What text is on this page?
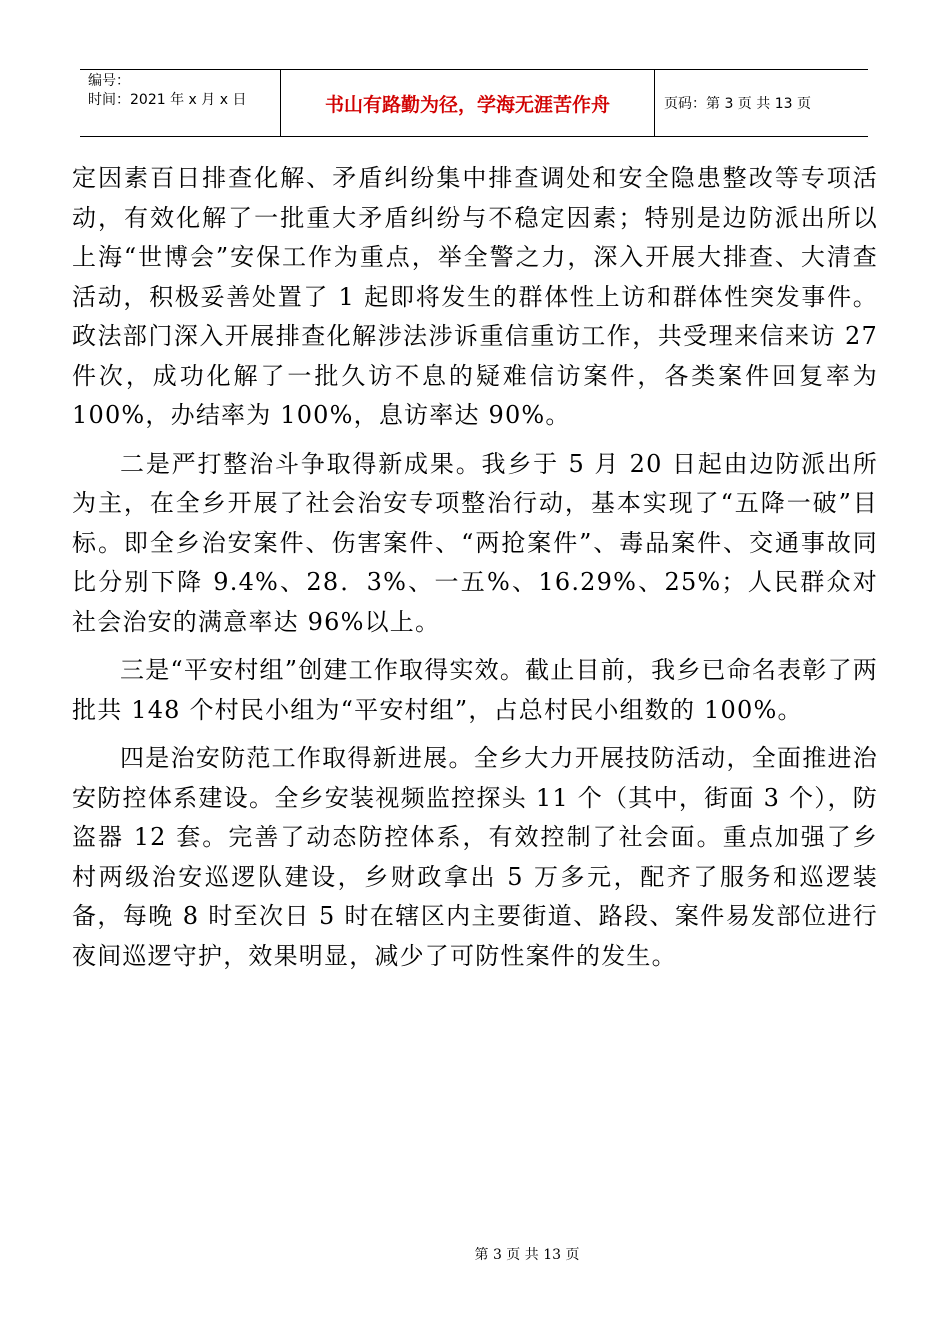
编号：
时间：2021 年 x 月 x 日	书山有路勤为径，学海无涯苦作舟	页码：第 3 页 共 13 页

定因素百日排查化解、矛盾纠纷集中排查调处和安全隐患整改等专项活动，有效化解了一批重大矛盾纠纷与不稳定因素；特别是边防派出所以上海“世博会”安保工作为重点，举全警之力，深入开展大排查、大清查活动，积极妥善处置了 1 起即将发生的群体性上访和群体性突发事件。政法部门深入开展排查化解涉法涉诉重信重访工作，共受理来信来访 27 件次，成功化解了一批久访不息的疑难信访案件，各类案件回复率为 100%，办结率为 100%，息访率达 90%。

二是严打整治斗争取得新成果。我乡于 5 月 20 日起由边防派出所为主，在全乡开展了社会治安专项整治行动，基本实现了“五降一破”目标。即全乡治安案件、伤害案件、“两抢案件”、毒品案件、交通事故同比分别下降 9.4%、28．3%、一五%、16.29%、25%；人民群众对社会治安的满意率达 96%以上。

三是“平安村组”创建工作取得实效。截止目前，我乡已命名表彰了两批共 148 个村民小组为“平安村组”，占总村民小组数的 100%。

四是治安防范工作取得新进展。全乡大力开展技防活动，全面推进治安防控体系建设。全乡安装视频监控探头 11 个（其中，街面 3 个），防盗器 12 套。完善了动态防控体系，有效控制了社会面。重点加强了乡村两级治安巡逻队建设，乡财政拿出 5 万多元，配齐了服务和巡逻装备，每晚 8 时至次日 5 时在辖区内主要街道、路段、案件易发部位进行夜间巡逻守护，效果明显，减少了可防性案件的发生。

第 3 页 共 13 页
